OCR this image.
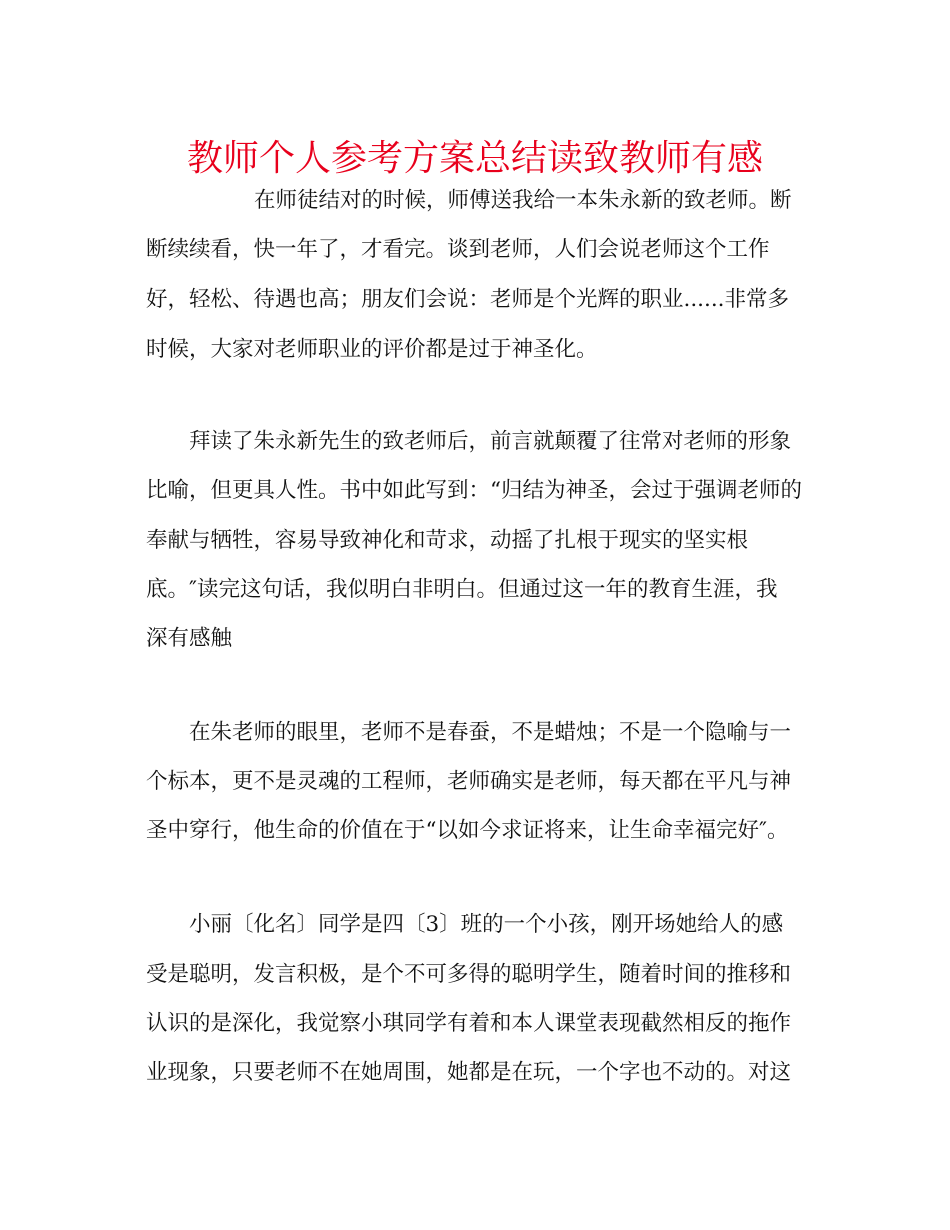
教师个人参考方案总结读致教师有感
在师徒结对的时候，师傅送我给一本朱永新的致老师。断
断续续看，快一年了，才看完。谈到老师，人们会说老师这个工作
好，轻松、待遇也高；朋友们会说：老师是个光辉的职业......非常多
时候，大家对老师职业的评价都是过于神圣化。
拜读了朱永新先生的致老师后，前言就颠覆了往常对老师的形象
比喻，但更具人性。书中如此写到：“归结为神圣，会过于强调老师的
奉献与牺牲，容易导致神化和苛求，动摇了扎根于现实的坚实根
底。″读完这句话，我似明白非明白。但通过这一年的教育生涯，我
深有感触
在朱老师的眼里，老师不是春蚕，不是蜡烛；不是一个隐喻与一
个标本，更不是灵魂的工程师，老师确实是老师，每天都在平凡与神
圣中穿行，他生命的价值在于“以如今求证将来，让生命幸福完好″。
小丽〔化名〕同学是四〔3〕班的一个小孩，刚开场她给人的感
受是聪明，发言积极，是个不可多得的聪明学生，随着时间的推移和
认识的是深化，我觉察小琪同学有着和本人课堂表现截然相反的拖作
业现象，只要老师不在她周围，她都是在玩，一个字也不动的。对这
